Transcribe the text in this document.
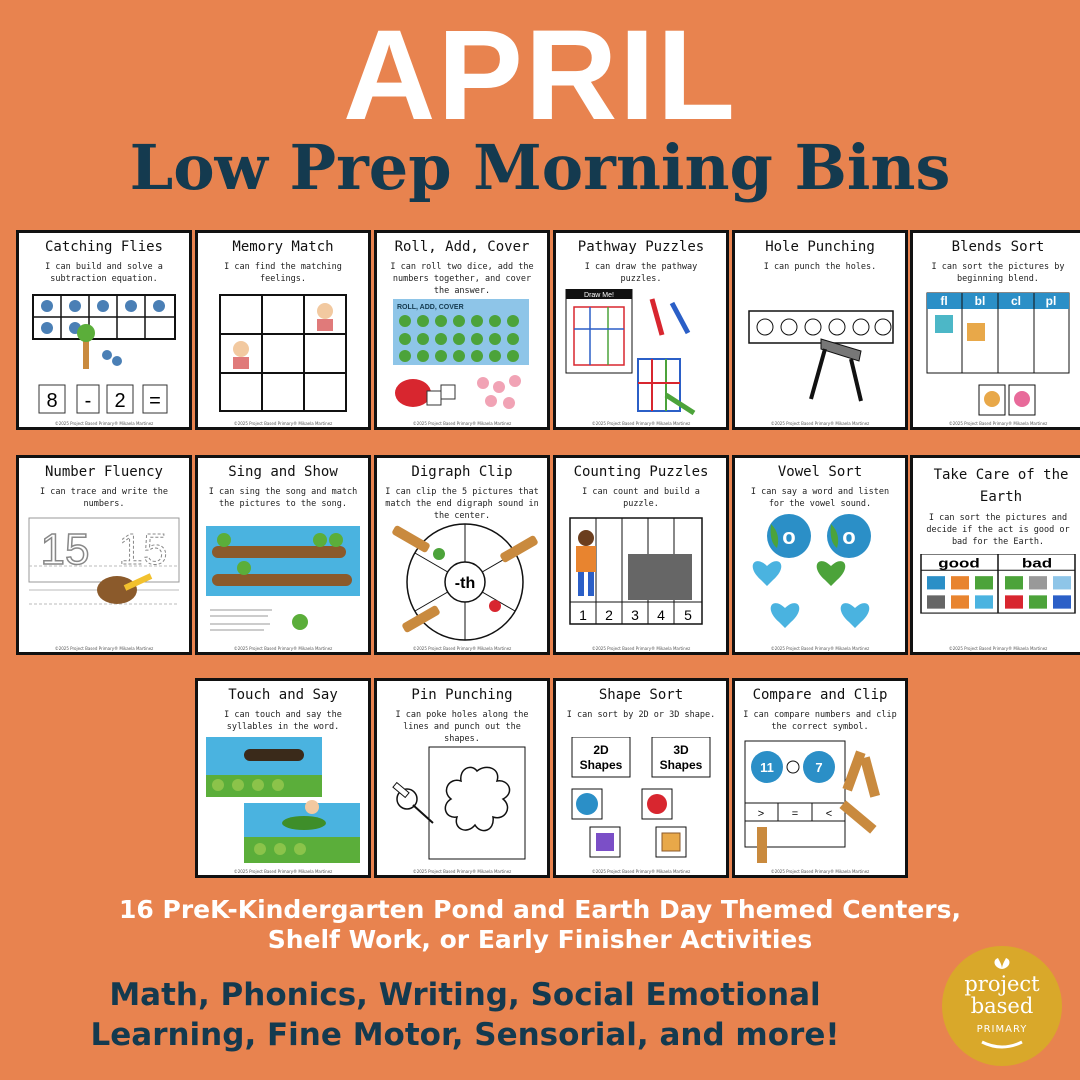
APRIL
Low Prep Morning Bins
Catching Flies
I can build and solve a subtraction equation.
8 - 2 =
©2025 Project Based Primary® Mikaela Martinez
Memory Match
I can find the matching feelings.
©2025 Project Based Primary® Mikaela Martinez
Roll, Add, Cover
I can roll two dice, add the numbers together, and cover the answer.
ROLL, ADD, COVER
©2025 Project Based Primary® Mikaela Martinez
Pathway Puzzles
I can draw the pathway puzzles.
Draw Me!
©2025 Project Based Primary® Mikaela Martinez
Hole Punching
I can punch the holes.
©2025 Project Based Primary® Mikaela Martinez
Blends Sort
I can sort the pictures by beginning blend.
fl bl cl pl
©2025 Project Based Primary® Mikaela Martinez
Number Fluency
I can trace and write the numbers.
15 15
©2025 Project Based Primary® Mikaela Martinez
Sing and Show
I can sing the song and match the pictures to the song.
©2025 Project Based Primary® Mikaela Martinez
Digraph Clip
I can clip the 5 pictures that match the end digraph sound in the center.
-th
©2025 Project Based Primary® Mikaela Martinez
Counting Puzzles
I can count and build a puzzle.
1 2 3 4 5
©2025 Project Based Primary® Mikaela Martinez
Vowel Sort
I can say a word and listen for the vowel sound.
o o
©2025 Project Based Primary® Mikaela Martinez
Take Care of the Earth
I can sort the pictures and decide if the act is good or bad for the Earth.
good bad
©2025 Project Based Primary® Mikaela Martinez
Touch and Say
I can touch and say the syllables in the word.
©2025 Project Based Primary® Mikaela Martinez
Pin Punching
I can poke holes along the lines and punch out the shapes.
©2025 Project Based Primary® Mikaela Martinez
Shape Sort
I can sort by 2D or 3D shape.
2D
Shapes
3D
Shapes
©2025 Project Based Primary® Mikaela Martinez
Compare and Clip
I can compare numbers and clip the correct symbol.
11	7
>	=	<
©2025 Project Based Primary® Mikaela Martinez
16 PreK-Kindergarten Pond and Earth Day Themed Centers,
Shelf Work, or Early Finisher Activities
Math, Phonics, Writing, Social Emotional
Learning, Fine Motor, Sensorial, and more!
project
based
PRIMARY
